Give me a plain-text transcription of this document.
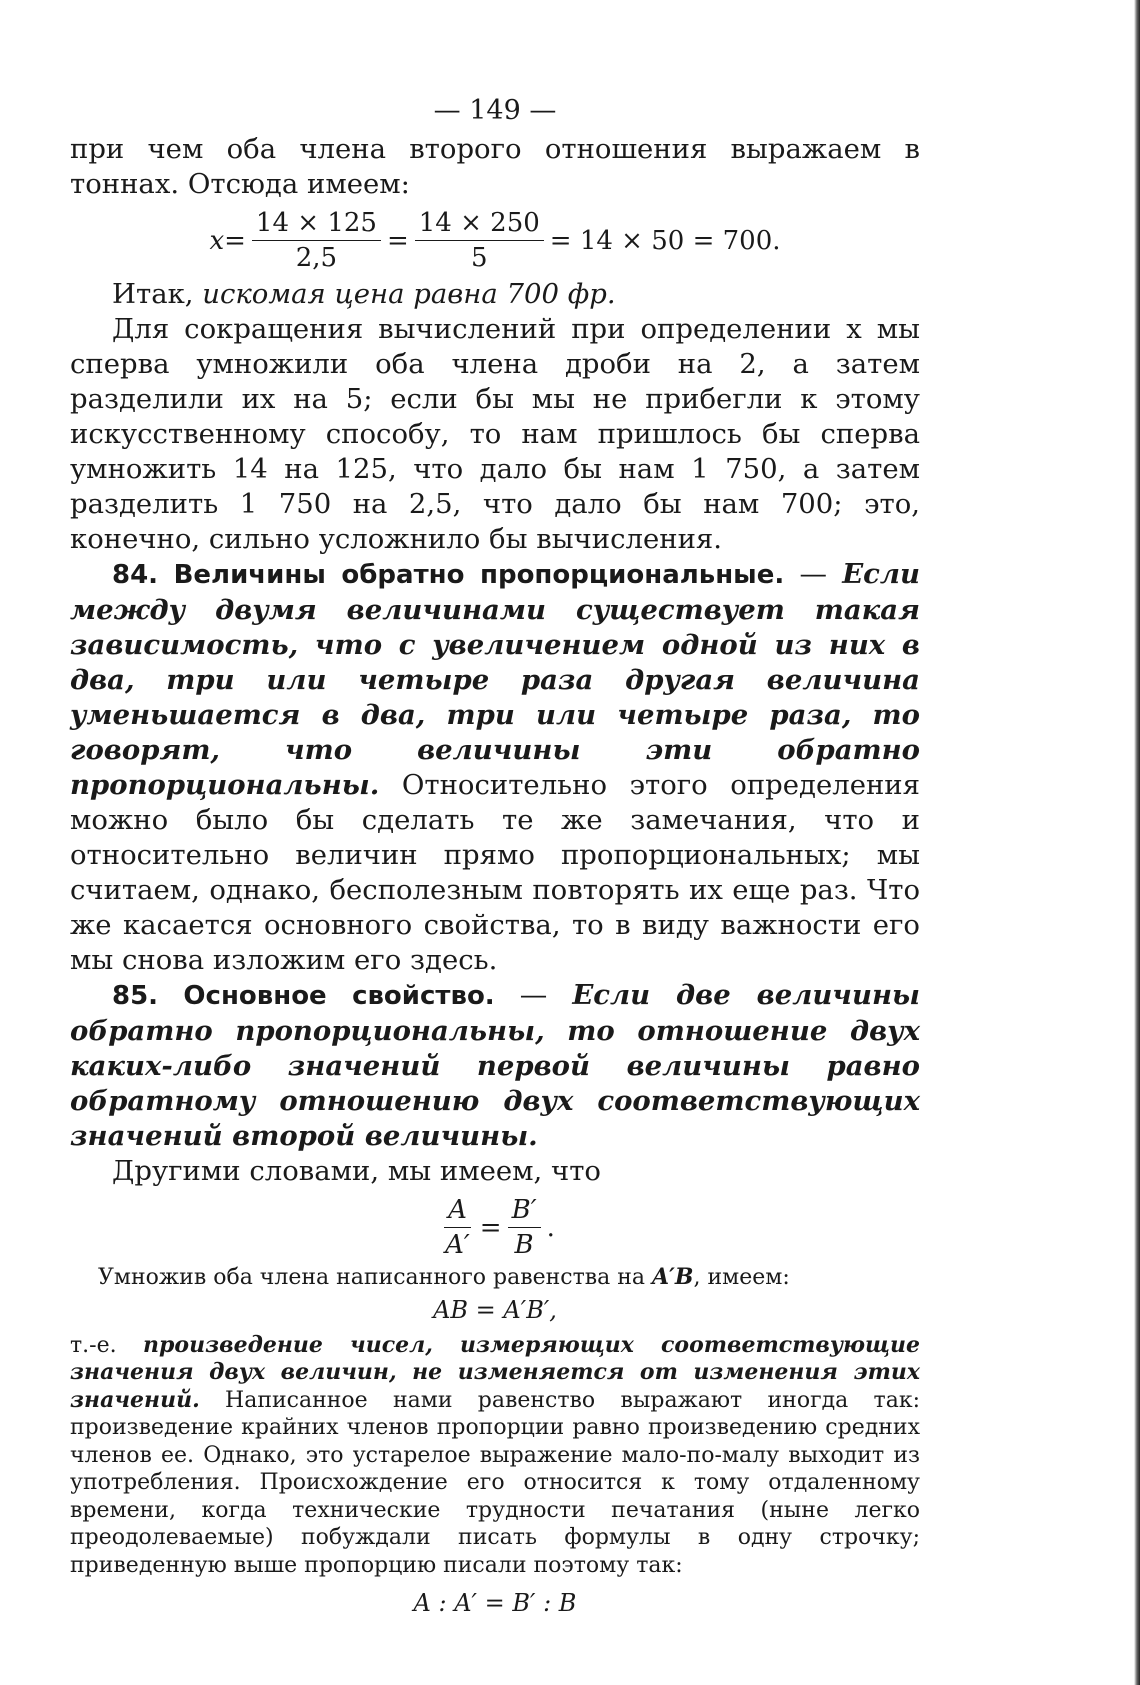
— 149 —

при чем оба члена второго отношения выражаем в тоннах. Отсюда имеем:

$x = \frac{14 \times 125}{2,5} = \frac{14 \times 250}{5} = 14 \times 50 = 700$.

Итак, искомая цена равна 700 фр.

Для сокращения вычислений при определении x мы сперва умножили оба члена дроби на 2, а затем разделили их на 5; если бы мы не прибегли к этому искусственному способу, то нам пришлось бы сперва умножить 14 на 125, что дало бы нам 1 750, а затем разделить 1 750 на 2,5, что дало бы нам 700; это, конечно, сильно усложнило бы вычисления.

84. Величины обратно пропорциональные. — Если между двумя величинами существует такая зависимость, что с увеличением одной из них в два, три или четыре раза другая величина уменьшается в два, три или четыре раза, то говорят, что величины эти обратно пропорциональны. Относительно этого определения можно было бы сделать те же замечания, что и относительно величин прямо пропорциональных; мы считаем, однако, бесполезным повторять их еще раз. Что же касается основного свойства, то в виду важности его мы снова изложим его здесь.

85. Основное свойство. — Если две величины обратно пропорциональны, то отношение двух каких-либо значений первой величины равно обратному отношению двух соответствующих значений второй величины.

Другими словами, мы имеем, что

$\frac{A}{A'} = \frac{B'}{B}$ .

Умножив оба члена написанного равенства на A′B, имеем:

AB = A′B′,

т.-е. произведение чисел, измеряющих соответствующие значения двух величин, не изменяется от изменения этих значений. Написанное нами равенство выражают иногда так: произведение крайних членов пропорции равно произведению средних членов ее. Однако, это устарелое выражение мало-по-малу выходит из употребления. Происхождение его относится к тому отдаленному времени, когда технические трудности печатания (ныне легко преодолеваемые) побуждали писать формулы в одну строчку; приведенную выше пропорцию писали поэтому так:

A : A′ = B′ : B
